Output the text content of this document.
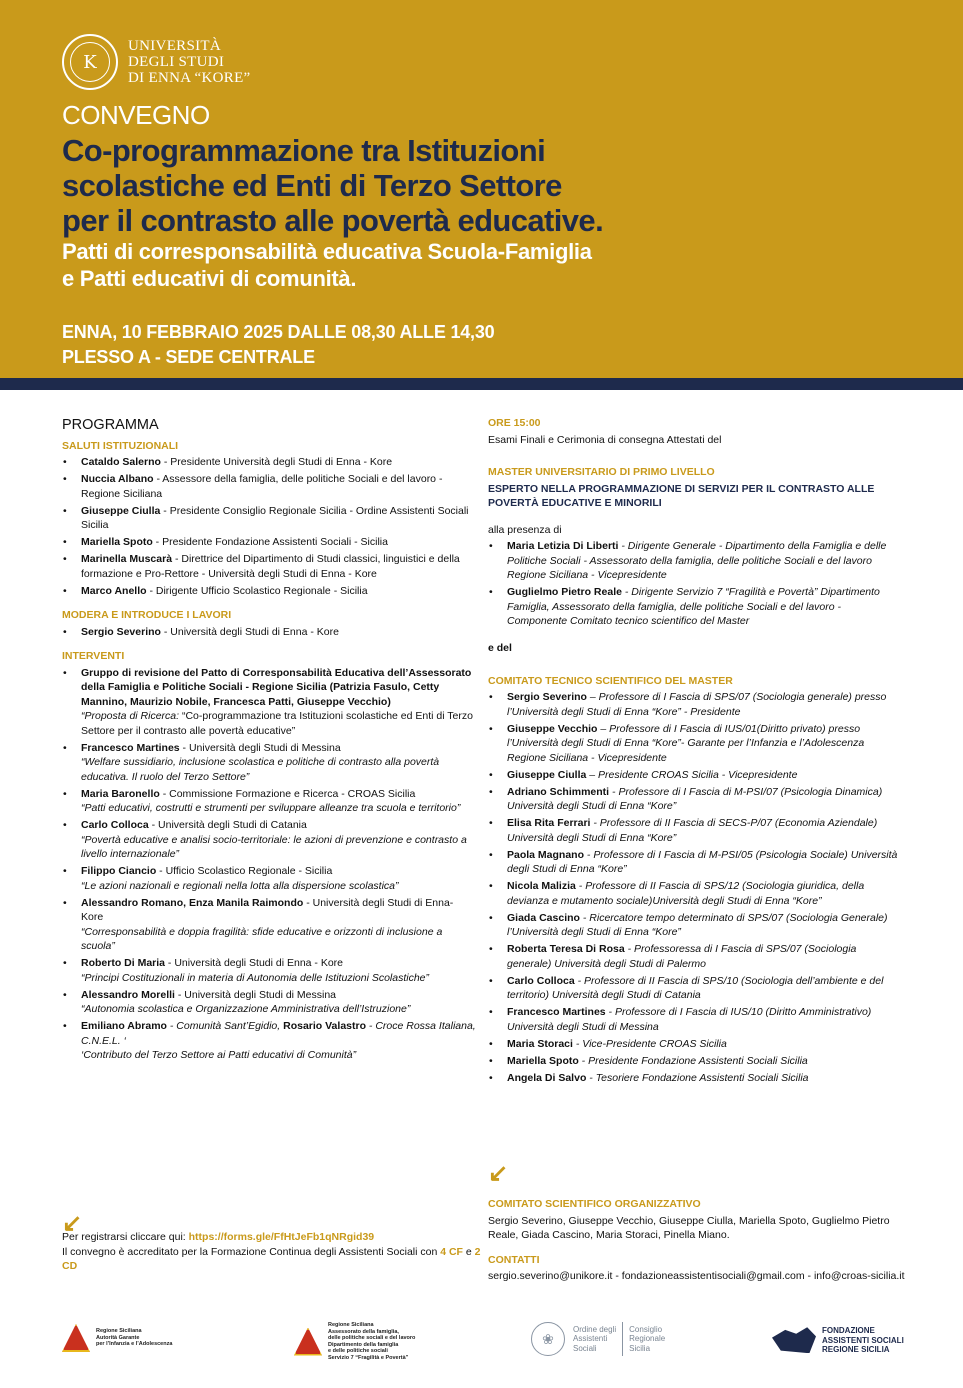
K
UNIVERSITÀ
DEGLI STUDI
DI ENNA “KORE”
CONVEGNO
Co-programmazione tra Istituzioni
scolastiche ed Enti di Terzo Settore
per il contrasto alle povertà educative.
Patti di corresponsabilità educativa Scuola-Famiglia
e Patti educativi di comunità.
ENNA, 10 FEBBRAIO 2025 DALLE 08,30 ALLE 14,30
PLESSO A - SEDE CENTRALE
PROGRAMMA
SALUTI ISTITUZIONALI
• Cataldo Salerno - Presidente Università degli Studi di Enna - Kore
• Nuccia Albano - Assessore della famiglia, delle politiche Sociali e del lavoro - Regione Siciliana
• Giuseppe Ciulla - Presidente Consiglio Regionale Sicilia - Ordine Assistenti Sociali Sicilia
• Mariella Spoto - Presidente Fondazione Assistenti Sociali - Sicilia
• Marinella Muscarà - Direttrice del Dipartimento di Studi classici, linguistici e della formazione e Pro-Rettore - Università degli Studi di Enna - Kore
• Marco Anello - Dirigente Ufficio Scolastico Regionale - Sicilia
MODERA E INTRODUCE I LAVORI
• Sergio Severino - Università degli Studi di Enna - Kore
INTERVENTI
• Gruppo di revisione del Patto di Corresponsabilità Educativa dell’Assessorato della Famiglia e Politiche Sociali - Regione Sicilia (Patrizia Fasulo, Cetty Mannino, Maurizio Nobile, Francesca Patti, Giuseppe Vecchio)
“Proposta di Ricerca: “Co-programmazione tra Istituzioni scolastiche ed Enti di Terzo Settore per il contrasto alle povertà educative”
• Francesco Martines - Università degli Studi di Messina
“Welfare sussidiario, inclusione scolastica e politiche di contrasto alla povertà educativa. Il ruolo del Terzo Settore”
• Maria Baronello - Commissione Formazione e Ricerca - CROAS Sicilia
“Patti educativi, costrutti e strumenti per sviluppare alleanze tra scuola e territorio”
• Carlo Colloca - Università degli Studi di Catania
“Povertà educative e analisi socio-territoriale: le azioni di prevenzione e contrasto a livello internazionale”
• Filippo Ciancio - Ufficio Scolastico Regionale - Sicilia
“Le azioni nazionali e regionali nella lotta alla dispersione scolastica”
• Alessandro Romano, Enza Manila Raimondo - Università degli Studi di Enna- Kore
“Corresponsabilità e doppia fragilità: sfide educative e orizzonti di inclusione a scuola”
• Roberto Di Maria - Università degli Studi di Enna - Kore
“Principi Costituzionali in materia di Autonomia delle Istituzioni Scolastiche”
• Alessandro Morelli - Università degli Studi di Messina
“Autonomia scolastica e Organizzazione Amministrativa dell’Istruzione”
• Emiliano Abramo - Comunità Sant’Egidio, Rosario Valastro - Croce Rossa Italiana, C.N.E.L. ‘
‘Contributo del Terzo Settore ai Patti educativi di Comunità”
ORE 15:00
Esami Finali e Cerimonia di consegna Attestati del
MASTER UNIVERSITARIO DI PRIMO LIVELLO
ESPERTO NELLA PROGRAMMAZIONE DI SERVIZI PER IL CONTRASTO ALLE POVERTÀ EDUCATIVE E MINORILI
alla presenza di
• Maria Letizia Di Liberti - Dirigente Generale - Dipartimento della Famiglia e delle Politiche Sociali - Assessorato della famiglia, delle politiche Sociali e del lavoro Regione Siciliana - Vicepresidente
• Guglielmo Pietro Reale - Dirigente Servizio 7 “Fragilità e Povertà” Dipartimento Famiglia, Assessorato della famiglia, delle politiche Sociali e del lavoro - Componente Comitato tecnico scientifico del Master
e del
COMITATO TECNICO SCIENTIFICO DEL MASTER
• Sergio Severino – Professore di I Fascia di SPS/07 (Sociologia generale) presso l’Università degli Studi di Enna “Kore” - Presidente
• Giuseppe Vecchio – Professore di I Fascia di IUS/01(Diritto privato) presso l’Università degli Studi di Enna “Kore”- Garante per l’Infanzia e l’Adolescenza Regione Siciliana - Vicepresidente
• Giuseppe Ciulla – Presidente CROAS Sicilia - Vicepresidente
• Adriano Schimmenti - Professore di I Fascia di M-PSI/07 (Psicologia Dinamica) Università degli Studi di Enna “Kore”
• Elisa Rita Ferrari - Professore di II Fascia di SECS-P/07 (Economia Aziendale) Università degli Studi di Enna “Kore”
• Paola Magnano - Professore di I Fascia di M-PSI/05 (Psicologia Sociale) Università degli Studi di Enna “Kore”
• Nicola Malizia - Professore di II Fascia di SPS/12 (Sociologia giuridica, della devianza e mutamento sociale)Università degli Studi di Enna “Kore”
• Giada Cascino - Ricercatore tempo determinato di SPS/07 (Sociologia Generale) l’Università degli Studi di Enna “Kore”
• Roberta Teresa Di Rosa - Professoressa di I Fascia di SPS/07 (Sociologia generale) Università degli Studi di Palermo
• Carlo Colloca - Professore di II Fascia di SPS/10 (Sociologia dell’ambiente e del territorio) Università degli Studi di Catania
• Francesco Martines - Professore di I Fascia di IUS/10 (Diritto Amministrativo) Università degli Studi di Messina
• Maria Storaci - Vice-Presidente CROAS Sicilia
• Mariella Spoto - Presidente Fondazione Assistenti Sociali Sicilia
• Angela Di Salvo - Tesoriere Fondazione Assistenti Sociali Sicilia
↙
Per registrarsi cliccare qui: https://forms.gle/FfHtJeFb1qNRgid39
Il convegno è accreditato per la Formazione Continua degli Assistenti Sociali con 4 CF e 2 CD
↙
COMITATO SCIENTIFICO ORGANIZZATIVO
Sergio Severino, Giuseppe Vecchio, Giuseppe Ciulla, Mariella Spoto, Guglielmo Pietro Reale, Giada Cascino, Maria Storaci, Pinella Miano.
CONTATTI
sergio.severino@unikore.it - fondazioneassistentisociali@gmail.com - info@croas-sicilia.it
Regione Siciliana
Autorità Garante
per l’Infanzia e l’Adolescenza
Regione Siciliana
Assessorato della famiglia,
delle politiche sociali e del lavoro
Dipartimento della famiglia
e delle politiche sociali
Servizio 7 “Fragilità e Povertà”
❀
Ordine degli
Assistenti
Sociali
Consiglio
Regionale
Sicilia
FONDAZIONE
ASSISTENTI SOCIALI
REGIONE SICILIA
